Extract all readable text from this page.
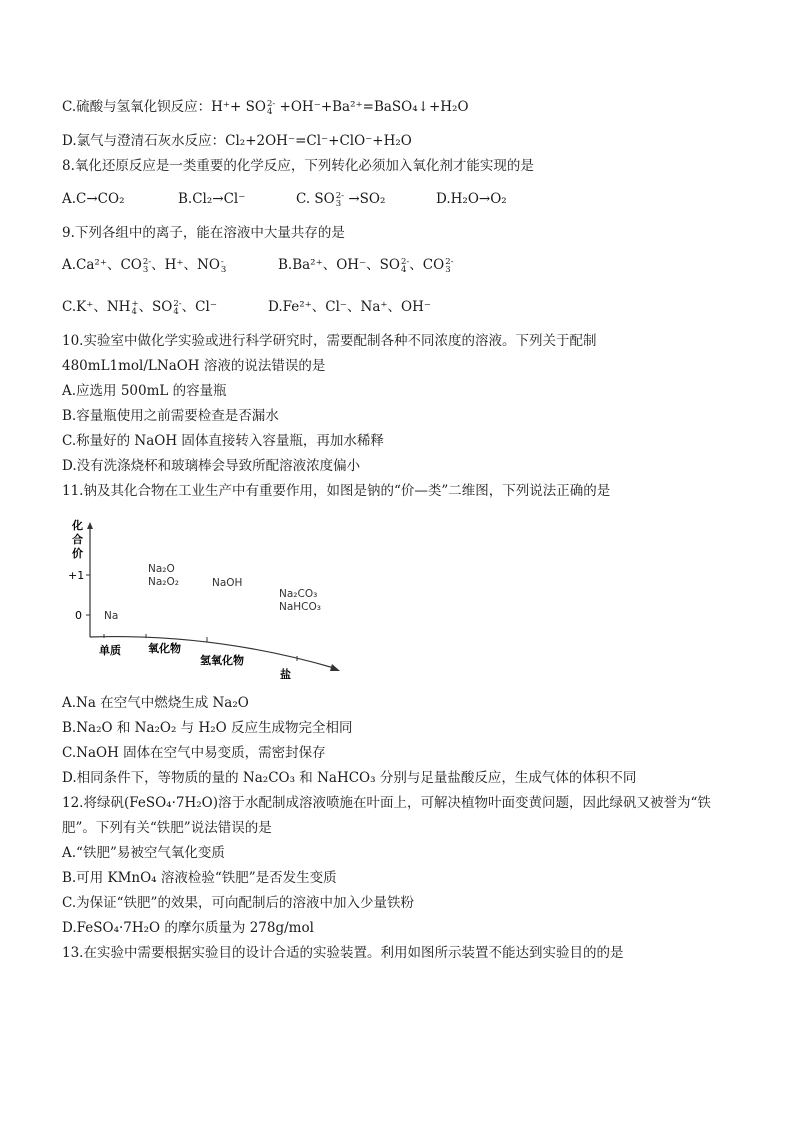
C.硫酸与氢氧化钡反应：H⁺+ SO 2-
4 +OH⁻+Ba²⁺=BaSO₄↓+H₂O
D.氯气与澄清石灰水反应：Cl₂+2OH⁻=Cl⁻+ClO⁻+H₂O
8.氧化还原反应是一类重要的化学反应，下列转化必须加入氧化剂才能实现的是
A.C→CO₂	B.Cl₂→Cl⁻	C. SO 2-
3 →SO₂	D.H₂O→O₂
9.下列各组中的离子，能在溶液中大量共存的是
A.Ca²⁺、CO 2-
3 、H⁺、NO -
3	B.Ba²⁺、OH⁻、SO 2-
4 、CO 2-
3
C.K⁺、NH +
4 、SO 2-
4 、Cl⁻	D.Fe²⁺、Cl⁻、Na⁺、OH⁻
10.实验室中做化学实验或进行科学研究时，需要配制各种不同浓度的溶液。下列关于配制
480mL1mol/LNaOH 溶液的说法错误的是
A.应选用 500mL 的容量瓶
B.容量瓶使用之前需要检查是否漏水
C.称量好的 NaOH 固体直接转入容量瓶，再加水稀释
D.没有洗涤烧杯和玻璃棒会导致所配溶液浓度偏小
11.钠及其化合物在工业生产中有重要作用，如图是钠的“价—类”二维图，下列说法正确的是
化
合
价
+1
0
单质 氧化物
氢氧化物
盐
Na
Na₂O
Na₂O₂	NaOH
Na₂CO₃
NaHCO₃
A.Na 在空气中燃烧生成 Na₂O
B.Na₂O 和 Na₂O₂ 与 H₂O 反应生成物完全相同
C.NaOH 固体在空气中易变质，需密封保存
D.相同条件下，等物质的量的 Na₂CO₃ 和 NaHCO₃ 分别与足量盐酸反应，生成气体的体积不同
12.将绿矾(FeSO₄·7H₂O)溶于水配制成溶液喷施在叶面上，可解决植物叶面变黄问题，因此绿矾又被誉为“铁
肥”。下列有关“铁肥”说法错误的是
A.“铁肥”易被空气氧化变质
B.可用 KMnO₄ 溶液检验“铁肥”是否发生变质
C.为保证“铁肥”的效果，可向配制后的溶液中加入少量铁粉
D.FeSO₄·7H₂O 的摩尔质量为 278g/mol
13.在实验中需要根据实验目的设计合适的实验装置。利用如图所示装置不能达到实验目的的是
